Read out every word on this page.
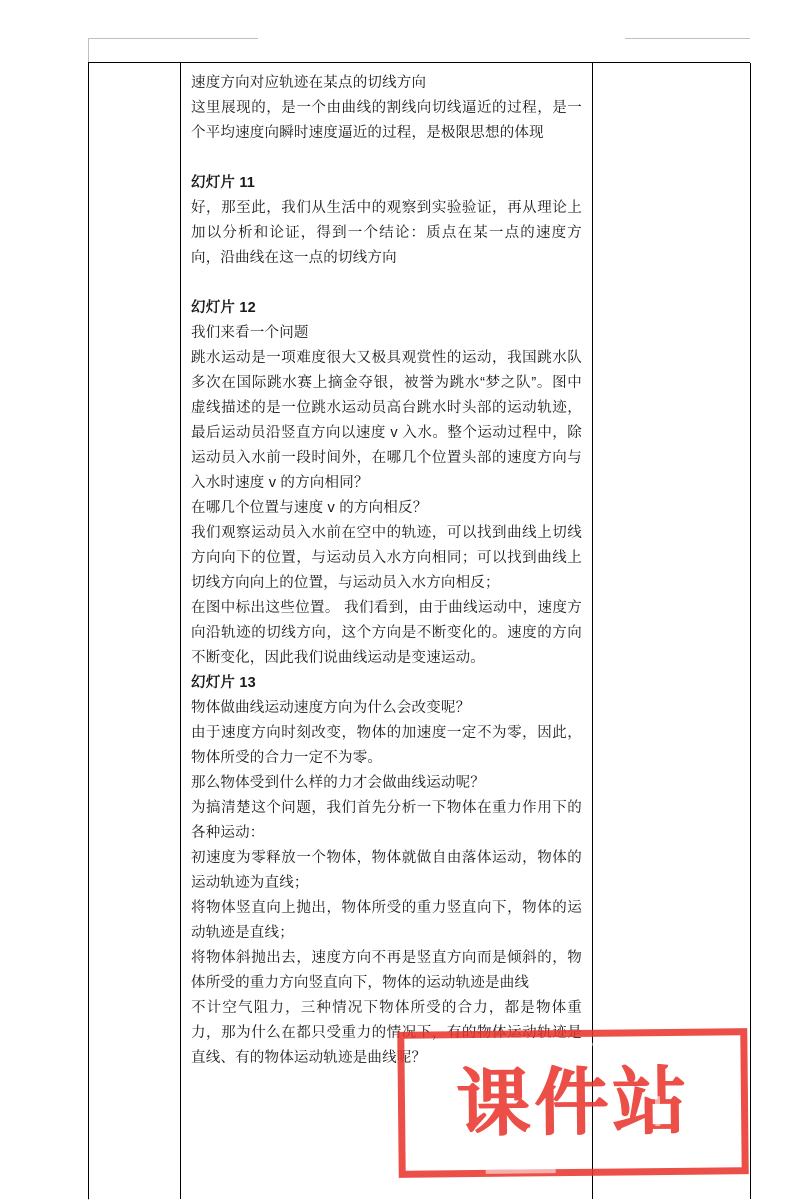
速度方向对应轨迹在某点的切线方向

这里展现的，是一个由曲线的割线向切线逼近的过程，是一个平均速度向瞬时速度逼近的过程，是极限思想的体现

幻灯片 11

好，那至此，我们从生活中的观察到实验验证，再从理论上加以分析和论证，得到一个结论：质点在某一点的速度方向，沿曲线在这一点的切线方向

幻灯片 12

我们来看一个问题

跳水运动是一项难度很大又极具观赏性的运动，我国跳水队多次在国际跳水赛上摘金夺银，被誉为跳水“梦之队”。图中虚线描述的是一位跳水运动员高台跳水时头部的运动轨迹，最后运动员沿竖直方向以速度 v 入水。整个运动过程中，除运动员入水前一段时间外，在哪几个位置头部的速度方向与入水时速度 v 的方向相同？

在哪几个位置与速度 v 的方向相反？

我们观察运动员入水前在空中的轨迹，可以找到曲线上切线方向向下的位置，与运动员入水方向相同；可以找到曲线上切线方向向上的位置，与运动员入水方向相反；

在图中标出这些位置。 我们看到，由于曲线运动中，速度方向沿轨迹的切线方向，这个方向是不断变化的。速度的方向不断变化，因此我们说曲线运动是变速运动。

幻灯片 13

物体做曲线运动速度方向为什么会改变呢？

由于速度方向时刻改变，物体的加速度一定不为零，因此，物体所受的合力一定不为零。

那么物体受到什么样的力才会做曲线运动呢？

为搞清楚这个问题，我们首先分析一下物体在重力作用下的各种运动：

初速度为零释放一个物体，物体就做自由落体运动，物体的运动轨迹为直线；

将物体竖直向上抛出，物体所受的重力竖直向下，物体的运动轨迹是直线；

将物体斜抛出去，速度方向不再是竖直方向而是倾斜的，物体所受的重力方向竖直向下，物体的运动轨迹是曲线

不计空气阻力，三种情况下物体所受的合力，都是物体重力，那为什么在都只受重力的情况下，有的物体运动轨迹是直线、有的物体运动轨迹是曲线呢？

课件站
